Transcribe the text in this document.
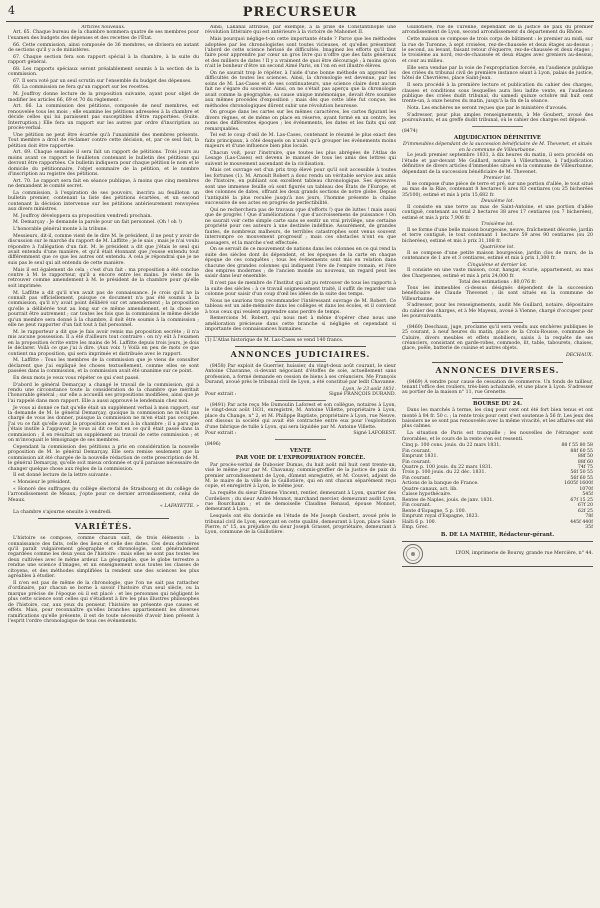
4	PRECURSEUR
Articles nouveaux.

Art. 65. Chaque bureau de la chambre nommera quatre de ses membres pour l'examen des budgets des dépenses et des recettes de l'État.

66. Cette commission, ainsi composée de 36 membres, se divisera en autant de sections qu'il y a de ministères.

67. Chaque section fera son rapport spécial à la chambre, à la suite du rapport général.

68. Les rapports spéciaux seront préalablement soumis à la section de la commission.

67. Il sera voté par un seul scrutin sur l'ensemble du budget des dépenses.

68. La commission ne fera qu'un rapport sur les recettes.

M. Jouffroy donne lecture de la proposition suivante, ayant pour objet de modifier les articles 66, 69 et 70 du règlement :

Art. 66. La commission des pétitions, composée de neuf membres, est renouvelée tous les mois ; elle examine les pétitions adressées à la chambre et décide celles qui lui paraissent pas susceptibles d'être rapportées. (Suite. Interruption.) Elle fera un rapport sur les autres par ordre d'inscription au procès-verbal.

Une pétition ne peut être écartée qu'à l'unanimité des membres présents. Tout membre a droit de réclamer contre cette décision, et, par ce seul fait, la pétition doit être rapportée.

Art. 69. Chaque semaine il sera fait un rapport de pétitions. Trois jours au moins avant ce rapport le feuilleton contenant le bulletin des pétitions qui devront être rapportées. Ce bulletin indiquera pour chaque pétition le nom et le domicile du pétitionnaire, l'objet sommaire de la pétition, et le nombre d'inscription au registre des pétitions.

Art. 70. Le rapport sera fait en séance publique, à moins que cinq membres ne demandent le comité secret.

La commission, à l'expiration de ses pouvoirs, inscrira au feuilleton un bulletin premier, contenant la liste des pétitions écartées, et un second contenant la décision intervenue sur les pétitions antérieurement renvoyées aux divers ministres.

M. Jouffroy développera sa proposition vendredi prochain.

M. Demarçay : Je demande la parole pour un fait personnel. (Oh ! oh !)

L'honorable général monte à la tribune.

Messieurs, dit-il, comme vient de le dire M. le président, il ne peut y avoir de discussion sur le marché du rapport de M. Laffitte ; je le sais ; mais je n'ai voulu répondre à l'allégation d'un fait. M. le président a dit que j'étais le seul qui avait entendu d'une manière, et qu'il était étonnant que j'eusse entendu tout différemment que ce que les autres ont entendu. A cela je répondrai que je ne suis pas le seul qui ait entendu de cette manière.

Mais il est également de cela ; c'est d'un fait : ma proposition a été conclue contre à M. le rapporteur, qu'il a encore entre les mains. Je viens de la retrouver comme amendement à M. le président de la chambre pour qu'elle soit imprimée.

M. Laffitte a dit qu'il n'en avait pas de connaissance. Je crois qu'il ne la connaît pas officiellement, puisque ce document n'a pas été soumis à la commission, qu'il n'y avait point délibéré sur cet amendement ; la proposition qu'elle a délibérée tout au long sur ce même amendement, et la chose se pourrait être autrement ; car toutes les fois que la commission le même décide qu'un membre sera donné à la chambre, il doit être soumis à la commission ; elle ne peut rapporter d'un fait tout à fait personnel.

M. le rapporteur a dit que je fais avoir remis ma proposition secrète ; il n'a mis aucune possession. Il a été d'ailleurs tout contraire : on n'y eût à l'examen en la proposition écrite entre les mains de M. Laffitte depuis trois jours, je dois le déclarer. Voilà ce que j'ai à dire. (Aux voix !) Voilà en peu de mots ce que contient ma proposition, qui sera imprimée et distribuée avec le rapport.

M. Laffitte : Tous les membres de la commission que je viens de consulter déclarent que j'ai expliqué les choses textuellement, comme elles se sont passées dans la commission, et la commission avait été unanime sur ce point.

En deux mots je veux vous répéter ce qui s'est passé.

D'abord le général Demarçay a changé le travail de la commission, qui a rendu une circonstance toute la considération de la chambre que méritait l'honorable général ; sur elle a accueilli ses propositions modifiées, ainsi que je l'ai rappelé dans mon rapport. Elle a aussi approuvé le lendemain chez moi.

Je vous ai donné ce fait qu'elle était un supplément verbal à mon rapport, sur la demande de M. le général Demarçay, quoique la commission ne m'eût pas chargé de vous les donner, puisque la commission ne m'en était pas occupée. J'ai vu ce fait qu'elle avait la proposition avec moi à la chambre ; il a paru que j'étais inutile à l'appuyer. Je vous ai dit ce fait en ce qu'il était passé dans la commission ; il en résultait un supplément au travail de cette commission ; et on m'invoquait le témoignage de ses membres.

Cependant la commission des pétitions a pris en considération la nouvelle proposition de M. le général Demarçay. Elle sera remise seulement que la commission ait été chargée de la nouvelle rédaction de cette prescription de M. le général Demarçay, qu'elle soit mieux ordonnée et qu'il paraisse nécessaire de changer quelque chose aux règles de la commission.

Il est donné lecture de la lettre suivante :

« Monsieur le président,

« Honoré des suffrages du collège électoral de Strasbourg et du collège de l'arrondissement de Meaux, j'opte pour ce dernier arrondissement, celui de Meaux.

« LAFAYETTE. »

La chambre s'ajourne ensuite à vendredi.

VARIÉTÉS.

L'histoire se compose, comme chacun sait, de trois éléments : la connaissance des faits, celle des lieux et celle des dates. Ces deux dernières qu'il paraît vulgairement géographie et chronologie, sont généralement regardées comme les deux yeux de l'histoire : mais elles ne sont pas toutes les deux cultivées avec le même ardeur. La géographie, que le globe terrestre a rendue une science d'images, et un enseignement sous toutes les classes de citoyens, et des méthodes simplifiées la rendent une des sciences les plus agréables à étudier.

Il n'en est pas de même de la chronologie, que l'on ne sait pas rattacher d'ordinaire, par chacun se borne à savoir l'histoire d'un seul siècle, ou la marque précise de l'époque où il est placé : et les personnes qui négligent le plus cette science sont celles qui s'étudient à lire les plus illustres philosophes de l'histoire, car, aux yeux du penseur, l'histoire ne présente que causes et effets. Mais, pour reconnaître qu'elles branches appartiennent les diverses ramifications qu'elle présente, il est de toute nécessité d'avoir bien présent à l'esprit l'ordre chronologique de tous ces événements.

Ainsi, Lakanal attribue, par exemple, à la prise de Constantinople une révolution littéraire qui est antérieure à la victoire de Mahomet II.

Mais pourquoi néglige-t-on cette importante étude ? Parce que les méthodes adoptées par les chronologistes sont toutes vicieuses, et qu'elles présentent l'abord de cette science hérissé de difficultés. Imaginez les efforts qu'il faut faire pour apprendre par cœur un gros livre qui n'offre que des faits généraux et des milliers de dates ! Il y a vraiment de quoi être découragé ; à moins qu'on n'ait le bonheur d'être un second Aimé Paris, on l'on en est illustre élèves.

On ne saurait trop le répéter, à l'aide d'une bonne méthode on apprend les difficultés de toutes les sciences. Ainsi, la chronologie est devenue, par les soins de M. Las-Cases et de ses continuateurs, une science claire dont aucun fait ne s'égare du souvenir. Ainsi, on ne s'était pas aperçu que la chronologie avait comme la géographie, sa cause unique mnémonique, devait être soumise aux mêmes procédés d'exposition ; mais dès que cette idée fut conçue, les méthodes chronologiques dûrent subir une révolution heureuse.

On groupe dans les cartes sur les mêmes caractères, les cartes figurant les divers règnes, et de même on place en réserve, ayant formé en un centre, les noms des différentes époques ; les événements, les dates et les faits qui ont remarquables.

Tel est le coup d'œil de M. Las-Cases, contenant le résumé le plus exact des faits principaux, à côté desquels on n'avait qu'à grouper les événements moins majeurs et d'une influence bien plus locale.

Chacun voit, pour l'instruire, que toutes les plus abrégées de l'Atlas de Lesage (Las-Cases) est devenu le manuel de tous les amis des lettres qui suivent le mouvement ascendant de la civilisation.

Mais cet ouvrage est d'un prix trop élevé pour qu'il soit accessible à toutes les fortunes (1). M. Arnoult Robert a donc rendu un véritable service aux amis de l'histoire, en publiant son excellent tableau chronologique. Ses épreuves sont une immense feuille où sont figurés un tableau des États de l'Europe, et des colonnes de dates, offrant les deux grands sections de notre globe. Depuis l'antiquité la plus reculée jusqu'à nos jours, l'homme présente la chaîne successive de ses actes en progrès de perfectibilité.

Qui ne recherchera pas de travaux (que d'efforts !) que de luttes ! mais aussi que de progrès ! Que d'améliorations ! que d'accroissemens de puissance ! On ne saurait voir cette simple carte sans se sentir un vrai privilège, une certaine propriété pour ces auteurs à une destinée indéfinie. Assurément, de grandes fautes, de nombreux malheurs, de terribles catastrophes sont venus souvent interrompre ce mouvement progressif ; mais ces obstacles n'ont eu que passagers, et la marche s'est effectuée.

On se servait de ce mouvement de nations dans les colonnes en ce qui rend la suite des siècles dont ils dépendent, et les époques de la carte en chaque époque de ces conquêtes ; tous les événements sont mis en relation dans chacune des grandes colonnes qui indiquent l'ère de l'empire romain, et l'ère des empires modernes ; de l'ancien monde au nouveau, un regard peut les saisir dans leur ensemble.

Il n'est pas de membre de l'Institut qui ait pu retrouver de tous les rapports à la suite des siècles : à ce travail soigneusement traité, il suffit de regarder une colonne pour saisir d'un coup d'œil les idées de la suite des temps.

Nous ne saurions trop recommander l'intéressant ouvrage de M. Robert. Ce tableau est un aide-mémoire dans les collèges et dans les écoles, et il convient à tous ceux qui veulent apprendre sans perdre de temps.

Remercions M. Robert, qui nous met à même d'opérer chez nous une amélioration précieuse dans cette branche si négligée et cependant si importante des connaissances humaines.

(1) L'Atlas historique de M. Las-Cases se vend 140 francs.
ANNONCES JUDICIAIRES.

(8458) Par exploit de Guerrier, huissier, du vingt-deux août courant, le sieur Antoine Chavanne, ci-devant négociant d'étoffes de soie, actuellement sans profession, a formé demande en cession de biens à ses créanciers. Me François Durand, avoué près le tribunal civil de Lyon, a été constitué par ledit Chavanne.

Lyon, le 23 août 1831.
Pour extrait :	Signé FRANÇOIS DURAND.

(8491) Par acte reçu Me Dumoulin Laforest et son collègue, notaires à Lyon, le vingt-deux août 1831, enregistré, M. Antoine Villette, propriétaire à Lyon, place du Change, n° 2, et M. Philippe Baptiste, propriétaire à Lyon, rue Neuve, ont dissous la société qui avait été contractée entre eux pour l'exploitation d'une fabrique de tulle à Lyon, qui sera liquidée par M. Antoine Villette.

Pour extrait :	Signé LAFOREST.
(8496)
VENTE
PAR VOIE DE L'EXPROPRIATION FORCÉE.

Par procès-verbal de Dubosier Dumas, du huit août mil huit cent trente-un, visé le même jour par M. Chavanay, commis-greffier de la justice de paix du premier arrondissement de Lyon, dûment enregistré, et M. Couvet, adjoint de M. le maire de la ville de la Guillotière, qui en ont chacun séparément reçu copie, et enregistré à Lyon, le même jour.

La requête du sieur Étienne Vincent, rentier, demeurant à Lyon, quartier des Cordeliers ; du sieur André Monnot, marchand mercier, demeurant audit Lyon, rue Bourchanin ; et de demoiselle Claudine Renaud, épouse Monnot, demeurant à Lyon.

Lesquels ont élu domicile en l'étude de Me Joseph Goubert, avoué près le tribunal civil de Lyon, exerçant en cette qualité, demeurant à Lyon, place Saint-Pierre, n° 15, au préjudice du sieur Joseph Grasset, propriétaire, demeurant à Lyon, commune de la Guillotière.

Guillotière, rue de Turenne, dépendant de la justice de paix du premier arrondissement de Lyon, second arrondissement du département du Rhône.

Cette maison se compose de trois corps de bâtiment : le premier au midi, sur la rue de Turenne, à sept croisées, rez-de-chaussée et deux étages au-dessus ; le second, au levant, faisant retour d'équerre, rez-de-chaussée et deux étages ; le troisième au nord, rez-de-chaussée et deux étages avec greniers au-dessus, et cour au milieu.

Elle sera vendue par la voie de l'expropriation forcée, en l'audience publique des criées du tribunal civil de première instance séant à Lyon, palais de justice, hôtel de Chevrières, place Saint-Jean.

Il sera procédé à la première lecture et publication du cahier des charges, clauses et conditions sous lesquelles aura lieu ladite vente, en l'audience publique des criées dudit tribunal, du samedi quinze octobre mil huit cent trente-un, à onze heures du matin, jusqu'à la fin de la séance.

Nota. Les enchères ne seront reçues que par le ministère d'avoués.

S'adresser, pour plus amples renseignements, à Me Goubert, avoué des poursuivants, et au greffe dudit tribunal, où le cahier des charges est déposé.

(8474)
ADJUDICATION DÉFINITIVE
D'immeubles dépendant de la succession bénéficiaire de M. Thevenet, et situés en la commune de Villeurbanne.

Le jeudi premier septembre 1831, à dix heures du matin, il sera procédé en l'étude et par-devant Me Guillard, notaire à Villeurbanne, à l'adjudication définitive de divers articles d'immeubles situés en la commune de Villeurbanne, dépendant de la succession bénéficiaire de M. Thevenet.

Premier lot.

Il se compose d'une pièce de terre et pré, sur une portion d'allée, le tout situé au mas de la Rize, contenant 8 hectares 8 ares 83 centiares (ou 25 bicherées 35/100), estimé et mis à prix 15,682 fr.

Deuxième lot.

Il consiste en une terre au mas de Saint-Antoine, et une portion d'allée contiguë, contenant au total 2 hectares 38 ares 17 centiares (ou 7 bicherées), estimé et mis à prix 7,906 fr.

Troisième lot.

Il se forme d'une belle maison bourgeoise, neuve, fraîchement décorée, jardin et terre contiguë, le tout contenant 1 hectare 59 ares 90 centiares (ou 20 bicherées), estimé et mis à prix 31,188 fr.

Quatrième lot.

Il se compose d'une petite maison bourgeoise, jardin clos de murs, de la contenance de 1 are et 3 centiares, estimé et mis à prix 1,300 fr.

Cinquième et dernier lot.

Il consiste en une vaste maison, cour, hangar, écurie, appartement, au mas des Charpennes, estimé et mis à prix 24,000 fr.

Total des estimations : 80,076 fr.

Tous les immeubles ci-dessus désignés dépendent de la succession bénéficiaire de Claude Thevenet ; ils sont situés en la commune de Villeurbanne.

S'adresser, pour les renseignements, audit Me Guillard, notaire, dépositaire du cahier des charges, et à Me Mayeux, avoué à Vienne, chargé d'occuper pour les poursuivants.

(8460) Deschaux, juge, proclame qu'il sera vendu aux enchères publiques le 25 courant, à neuf heures du matin, place de la Croix-Rousse, commune de Caluire, divers meubles et effets mobiliers, saisis à la requête de ses créanciers, consistant en garde-robes, commode, lit, table, tabourets, chaises, glace, poêle, batterie de cuisine et autres objets.

DECHAUX.
ANNONCES DIVERSES.

(8469) A vendre pour cause de cessation de commerce. Un fonds de tailleur, tenant l'office des rouliers, très-bien achalandé, et une place à Lyon. S'adresser au portier de la maison n° 11, rue Grenette.

BOURSE DU 24.

Dans les marchés à terme, les cinq pour cent ont été fort bien tenus et ont monté à 84 fr. 50 c. ; la rente trois pour cent s'est soutenue à 56 fr. Les jeux des baissiers ne se sont pas renouvelés avec la même vivacité, et les affaires ont été plus calmes.

La situation de Paris est tranquille ; les nouvelles de l'étranger sont favorables, et le cours de la rente s'en est ressenti.

Cinq p. 100 cons. jouis. du 22 mars 1831.	88 f 55 80 58
Fin courant.	88f 60 55
Emprunt 1831.	88f 50
Fin courant.	88f 60
Quatre p. 100 jouis. du 22 mars 1831.	74f 75
Trois p. 100 jouis. du 22 déc. 1831.	56f 50 55
Fin courant.	56f 60 55
Actions de la banque de France.	1605f 1600f
Quatre canaux, act. lib.	1070f
Caisse hypothécaire.	545f
Rentes de Naples, jouis. de janv. 1831.	67f 15 25
Fin courant.	67f 20
Rente d'Espagne, 5 p. 100.	62f 25
Emprunt royal d'Espagne, 1823.	78f
Haïti 6 p. 100.	445f 440f
Emp. Grec.	35f
B. DE LA MATHIE, Rédacteur-gérant.
LYON, imprimerie de Boursy, grande rue Mercière, n° 44.
